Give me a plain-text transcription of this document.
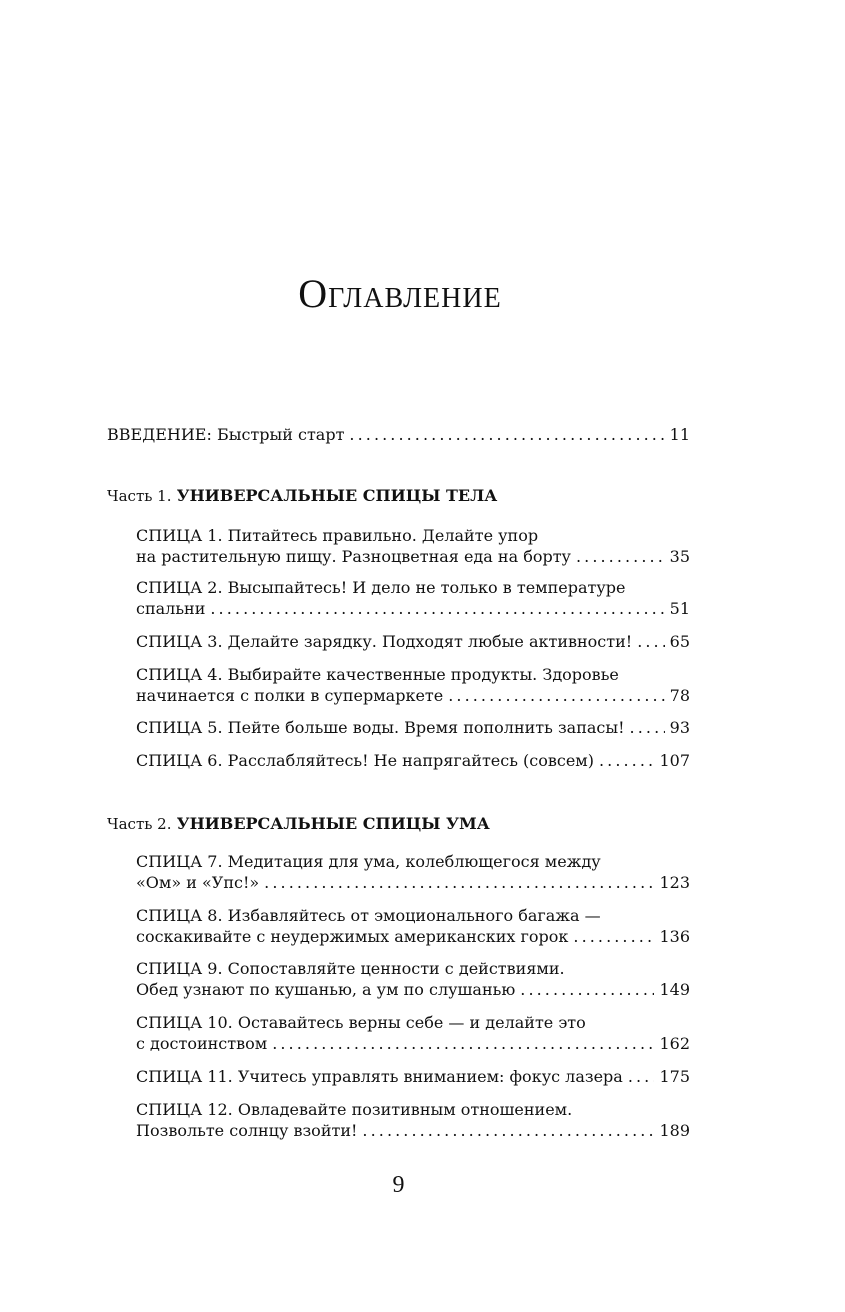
Оглавление
ВВЕДЕНИЕ: Быстрый старт . . .	11
Часть 1. УНИВЕРСАЛЬНЫЕ СПИЦЫ ТЕЛА
СПИЦА 1. Питайтесь правильно. Делайте упор
на растительную пищу. Разноцветная еда на борту . . .	35
СПИЦА 2. Высыпайтесь! И дело не только в температуре
спальни . . .	51
СПИЦА 3. Делайте зарядку. Подходят любые активности! . . . 65
СПИЦА 4. Выбирайте качественные продукты. Здоровье
начинается с полки в супермаркете . . .	78
СПИЦА 5. Пейте больше воды. Время пополнить запасы! . . .	93
СПИЦА 6. Расслабляйтесь! Не напрягайтесь (совсем) . . .	107
Часть 2. УНИВЕРСАЛЬНЫЕ СПИЦЫ УМА
СПИЦА 7. Медитация для ума, колеблющегося между
«Ом» и «Упс!» . . .	123
СПИЦА 8. Избавляйтесь от эмоционального багажа —
соскакивайте с неудержимых американских горок . . .	136
СПИЦА 9. Сопоставляйте ценности с действиями.
Обед узнают по кушанью, а ум по слушанью . . .	149
СПИЦА 10. Оставайтесь верны себе — и делайте это
с достоинством . . .	162
СПИЦА 11. Учитесь управлять вниманием: фокус лазера . . . 175
СПИЦА 12. Овладевайте позитивным отношением.
Позвольте солнцу взойти! . . .	189
9
